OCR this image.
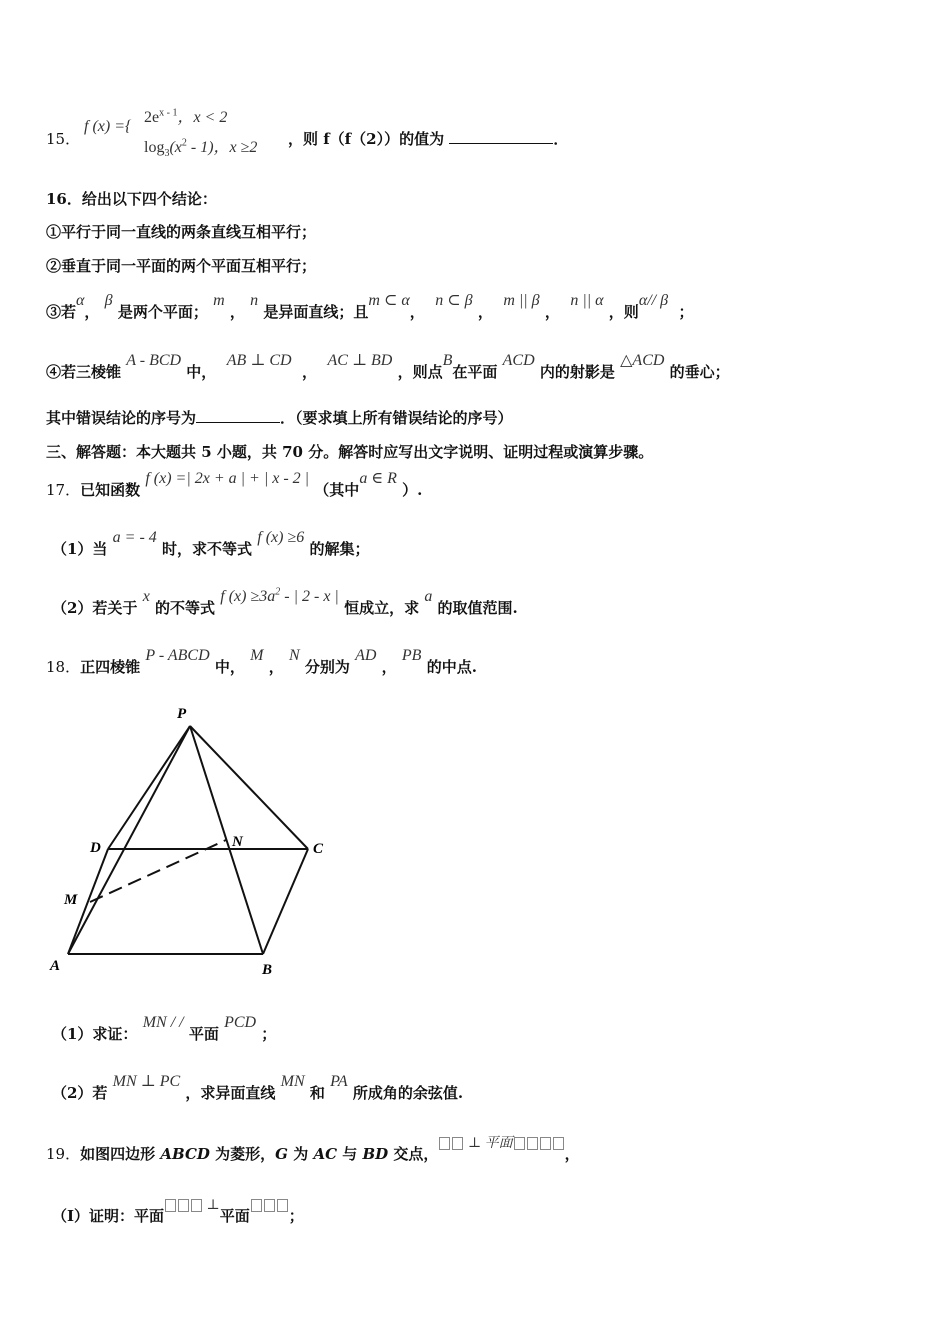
15．
f (x) ={
$2e^{x - 1}$，x < 2
$\log_3(x^2 - 1)$，x ≥2 ，则 f（f（2））的值为	．
16．给出以下四个结论：
①平行于同一直线的两条直线互相平行；
②垂直于同一平面的两个平面互相平行；
③若α， β 是两个平面； m ， n 是异面直线；且m ⊂ α，  n ⊂ β ，  m || β ，  n || α ，则α// β  ；
④若三棱锥 A - BCD 中，  AB ⊥ CD  ，  AC ⊥ BD ，则点B在平面 ACD 内的射影是 △ACD 的垂心；
其中错误结论的序号为	．（要求填上所有错误结论的序号）
三、解答题：本大题共 5 小题，共 70 分。解答时应写出文字说明、证明过程或演算步骤。
17．已知函数 f (x) =| 2x + a | + | x - 2 | （其中a ∈ R ）.
（1）当 a = - 4 时，求不等式 f (x) ≥6 的解集；
（2）若关于 x 的不等式 f $(x) \ge 3a^2$ - | 2 - x | 恒成立，求 a 的取值范围.
18．正四棱锥 P - ABCD 中， M ， N 分别为 AD ， PB 的中点.
P
D	N	C
M
A	B
（1）求证： MN / / 平面 PCD ；
（2）若 MN ⊥ PC ，求异面直线 MN 和 PA 所成角的余弦值.
19．如图四边形 ABCD 为菱形，G 为 AC 与 BD 交点， ⊥ 平面，
（I）证明：平面 ⊥平面	；
